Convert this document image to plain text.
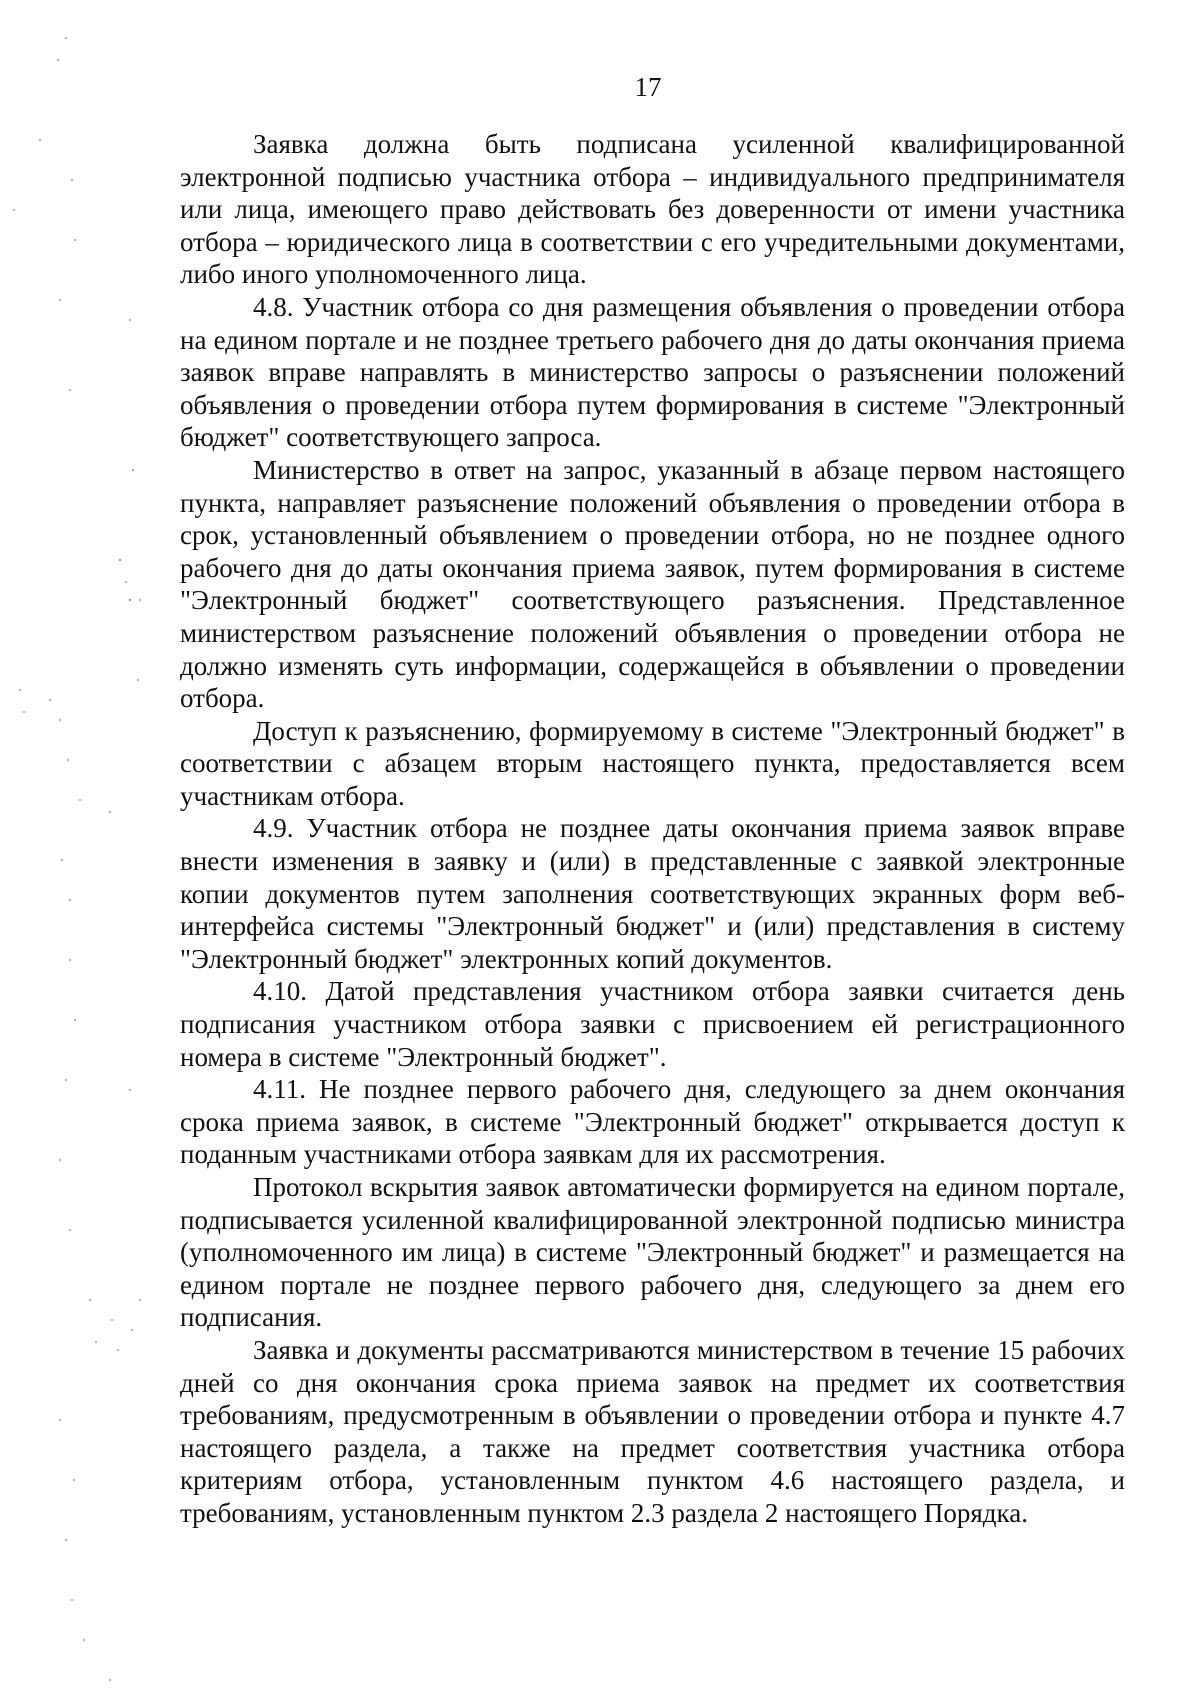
17

Заявка должна быть подписана усиленной квалифицированной электронной подписью участника отбора – индивидуального предпринимателя или лица, имеющего право действовать без доверенности от имени участника отбора – юридического лица в соответствии с его учредительными документами, либо иного уполномоченного лица.

4.8. Участник отбора со дня размещения объявления о проведении отбора на едином портале и не позднее третьего рабочего дня до даты окончания приема заявок вправе направлять в министерство запросы о разъяснении положений объявления о проведении отбора путем формирования в системе "Электронный бюджет" соответствующего запроса.

Министерство в ответ на запрос, указанный в абзаце первом настоящего пункта, направляет разъяснение положений объявления о проведении отбора в срок, установленный объявлением о проведении отбора, но не позднее одного рабочего дня до даты окончания приема заявок, путем формирования в системе "Электронный бюджет" соответствующего разъяснения. Представленное министерством разъяснение положений объявления о проведении отбора не должно изменять суть информации, содержащейся в объявлении о проведении отбора.

Доступ к разъяснению, формируемому в системе "Электронный бюджет" в соответствии с абзацем вторым настоящего пункта, предоставляется всем участникам отбора.

4.9. Участник отбора не позднее даты окончания приема заявок вправе внести изменения в заявку и (или) в представленные с заявкой электронные копии документов путем заполнения соответствующих экранных форм веб-интерфейса системы "Электронный бюджет" и (или) представления в систему "Электронный бюджет" электронных копий документов.

4.10. Датой представления участником отбора заявки считается день подписания участником отбора заявки с присвоением ей регистрационного номера в системе "Электронный бюджет".

4.11. Не позднее первого рабочего дня, следующего за днем окончания срока приема заявок, в системе "Электронный бюджет" открывается доступ к поданным участниками отбора заявкам для их рассмотрения.

Протокол вскрытия заявок автоматически формируется на едином портале, подписывается усиленной квалифицированной электронной подписью министра (уполномоченного им лица) в системе "Электронный бюджет" и размещается на едином портале не позднее первого рабочего дня, следующего за днем его подписания.

Заявка и документы рассматриваются министерством в течение 15 рабочих дней со дня окончания срока приема заявок на предмет их соответствия требованиям, предусмотренным в объявлении о проведении отбора и пункте 4.7 настоящего раздела, а также на предмет соответствия участника отбора критериям отбора, установленным пунктом 4.6 настоящего раздела, и требованиям, установленным пунктом 2.3 раздела 2 настоящего Порядка.
